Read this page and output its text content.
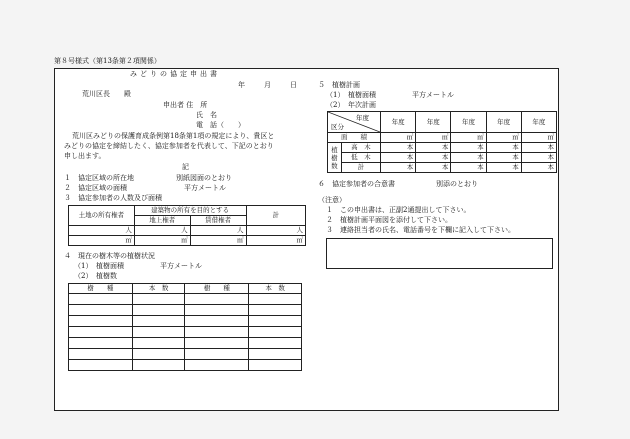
第８号様式（第13条第２項関係）
みどりの協定申出書
年	月	日
荒川区長　　殿
申出者 住　所
氏　名
電　話（　　）
荒川区みどりの保護育成条例第18条第1項の規定により、貴区と
みどりの協定を締結したく、協定参加者を代表して、下記のとおり
申し出ます。
記
１　協定区域の所在地	別紙図面のとおり
２　協定区域の面積	平方メートル
３　協定参加者の人数及び面積
土地の所有権者	建築物の所有を目的とする		計
	地上権者	賃借権者	
人	人	人	人
㎡	㎡	㎡	㎡
４　現在の樹木等の植樹状況
（1）　植樹面積	平方メートル
（2）　植樹数
樹　　種	本　数	樹　　種	本　数

５　植樹計画
（1）　植樹面積	平方メートル
（2）　年次計画
年度
区分		年度	年度	年度	年度	年度
面　　積		㎡	㎡	㎡	㎡	㎡
植樹数	高　木	本	本	本	本	本
	低　木	本	本	本	本	本
	計	本	本	本	本	本
６　協定参加者の合意書	別添のとおり
（注意）
１　この申出書は、正副2通提出して下さい。
２　植樹計画平面図を添付して下さい。
３　連絡担当者の氏名、電話番号を下欄に記入して下さい。
